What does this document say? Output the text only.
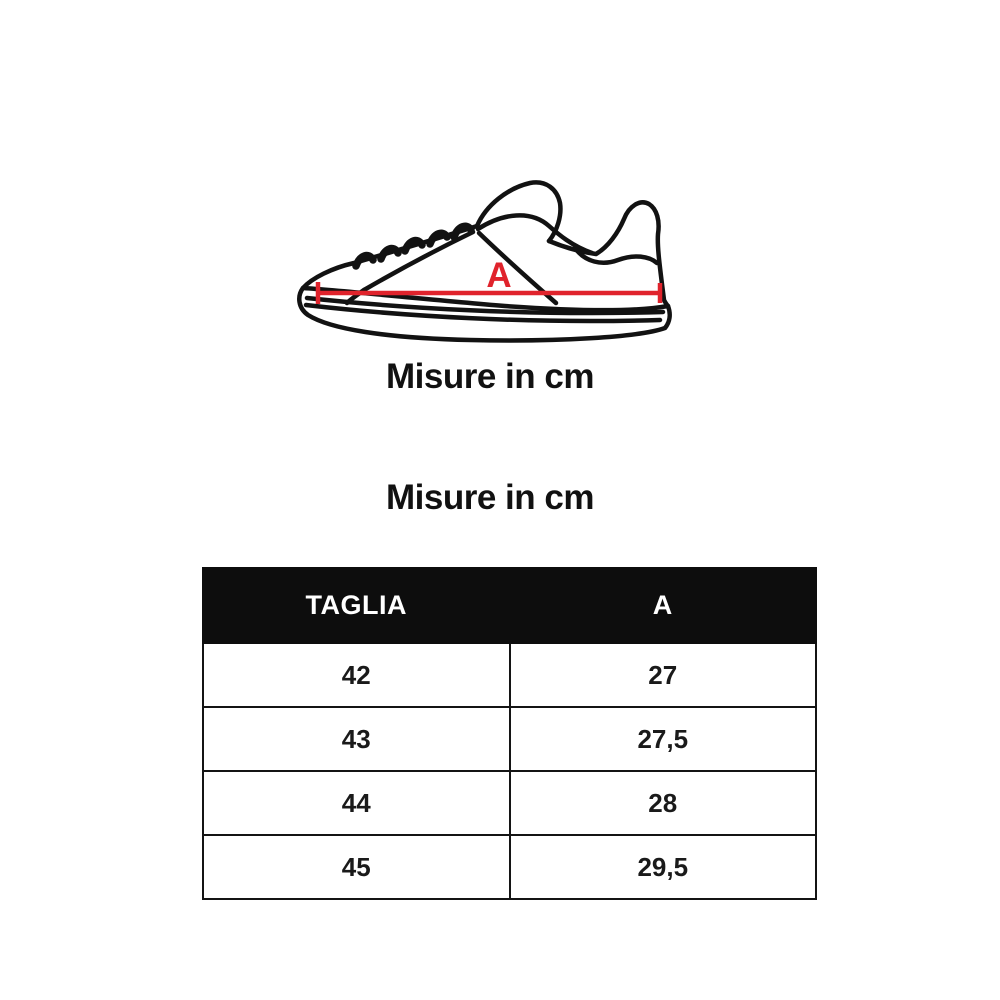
A
Misure in cm
Misure in cm
TAGLIA	A
42	27
43	27,5
44	28
45	29,5
